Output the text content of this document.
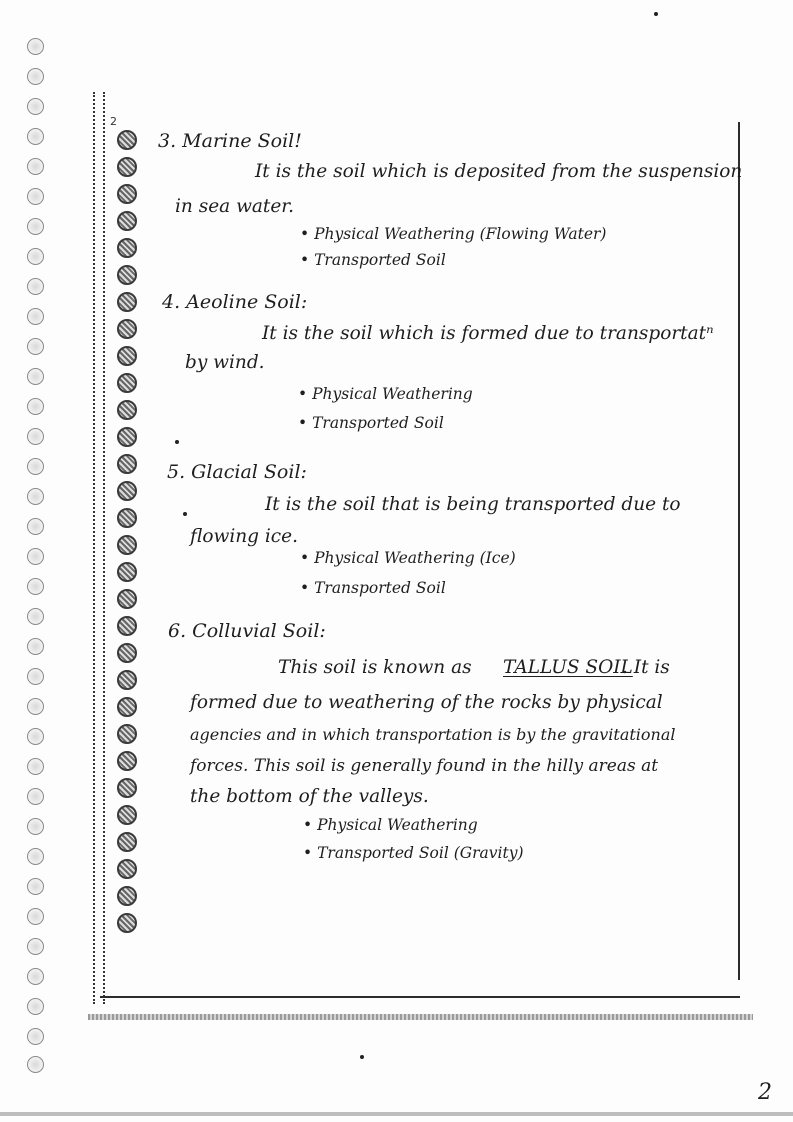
2
3. Marine Soil!
It is the soil which is deposited from the suspension
in sea water.
• Physical Weathering (Flowing Water)
• Transported Soil
4. Aeoline Soil:
It is the soil which is formed due to transportatⁿ
by wind.
• Physical Weathering
• Transported Soil
5. Glacial Soil:
It is the soil that is being transported due to
flowing ice.
• Physical Weathering (Ice)
• Transported Soil
6. Colluvial Soil:
This soil is known as TALLUS SOIL
. It is
formed due to weathering of the rocks by physical
agencies and in which transportation is by the gravitational
forces. This soil is generally found in the hilly areas at
the bottom of the valleys.
• Physical Weathering
• Transported Soil (Gravity)
2
